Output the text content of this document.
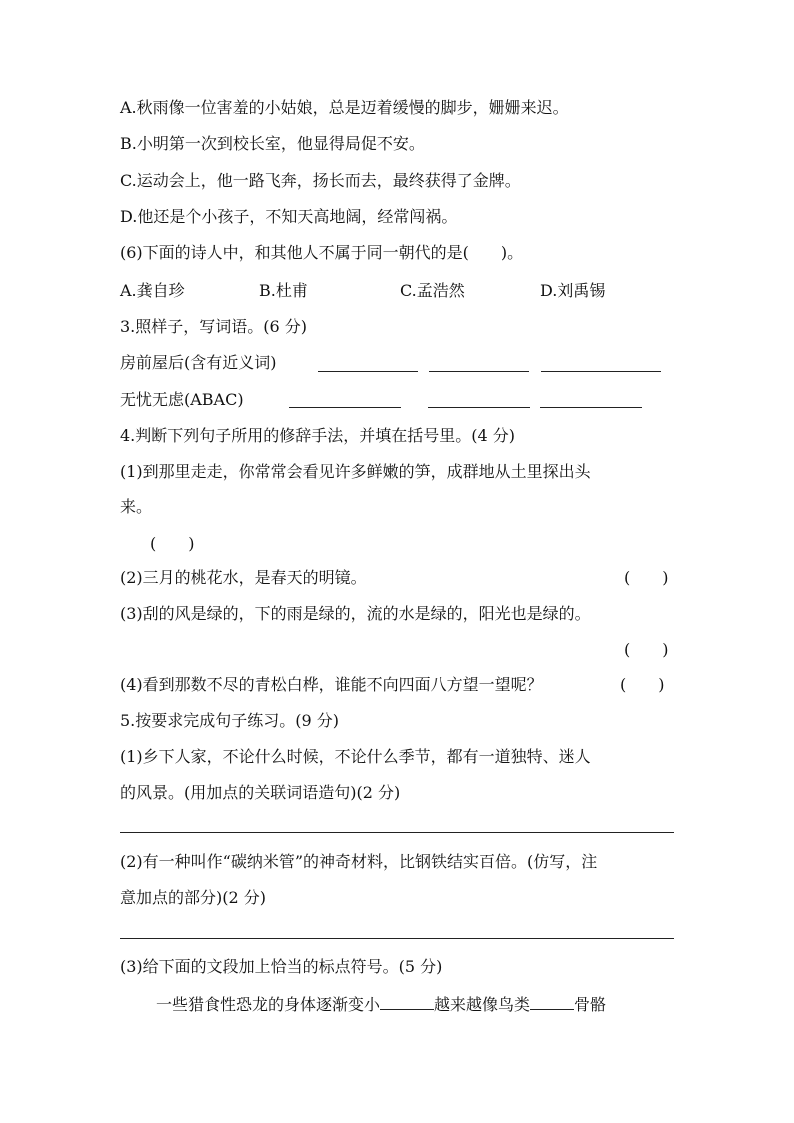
A.秋雨像一位害羞的小姑娘，总是迈着缓慢的脚步，姗姗来迟。
B.小明第一次到校长室，他显得局促不安。
C.运动会上，他一路飞奔，扬长而去，最终获得了金牌。
D.他还是个小孩子，不知天高地阔，经常闯祸。
(6)下面的诗人中，和其他人不属于同一朝代的是(　　)。
A.龚自珍	B.杜甫	C.孟浩然	D.刘禹锡
3.照样子，写词语。(6 分)
房前屋后(含有近义词)
无忧无虑(ABAC)
4.判断下列句子所用的修辞手法，并填在括号里。(4 分)
(1)到那里走走，你常常会看见许多鲜嫩的笋，成群地从土里探出头
来。
(　　)
(2)三月的桃花水，是春天的明镜。	(　　)
(3)刮的风是绿的，下的雨是绿的，流的水是绿的，阳光也是绿的。
(　　)
(4)看到那数不尽的青松白桦，谁能不向四面八方望一望呢？	(　　)
5.按要求完成句子练习。(9 分)
(1)乡下人家，不论什么时候，不论什么季节，都有一道独特、迷人
的风景。(用加点的关联词语造句)(2 分)
(2)有一种叫作“碳纳米管”的神奇材料，比钢铁结实百倍。(仿写，注
意加点的部分)(2 分)
(3)给下面的文段加上恰当的标点符号。(5 分)
一些猎食性恐龙的身体逐渐变小	越来越像鸟类	骨骼
